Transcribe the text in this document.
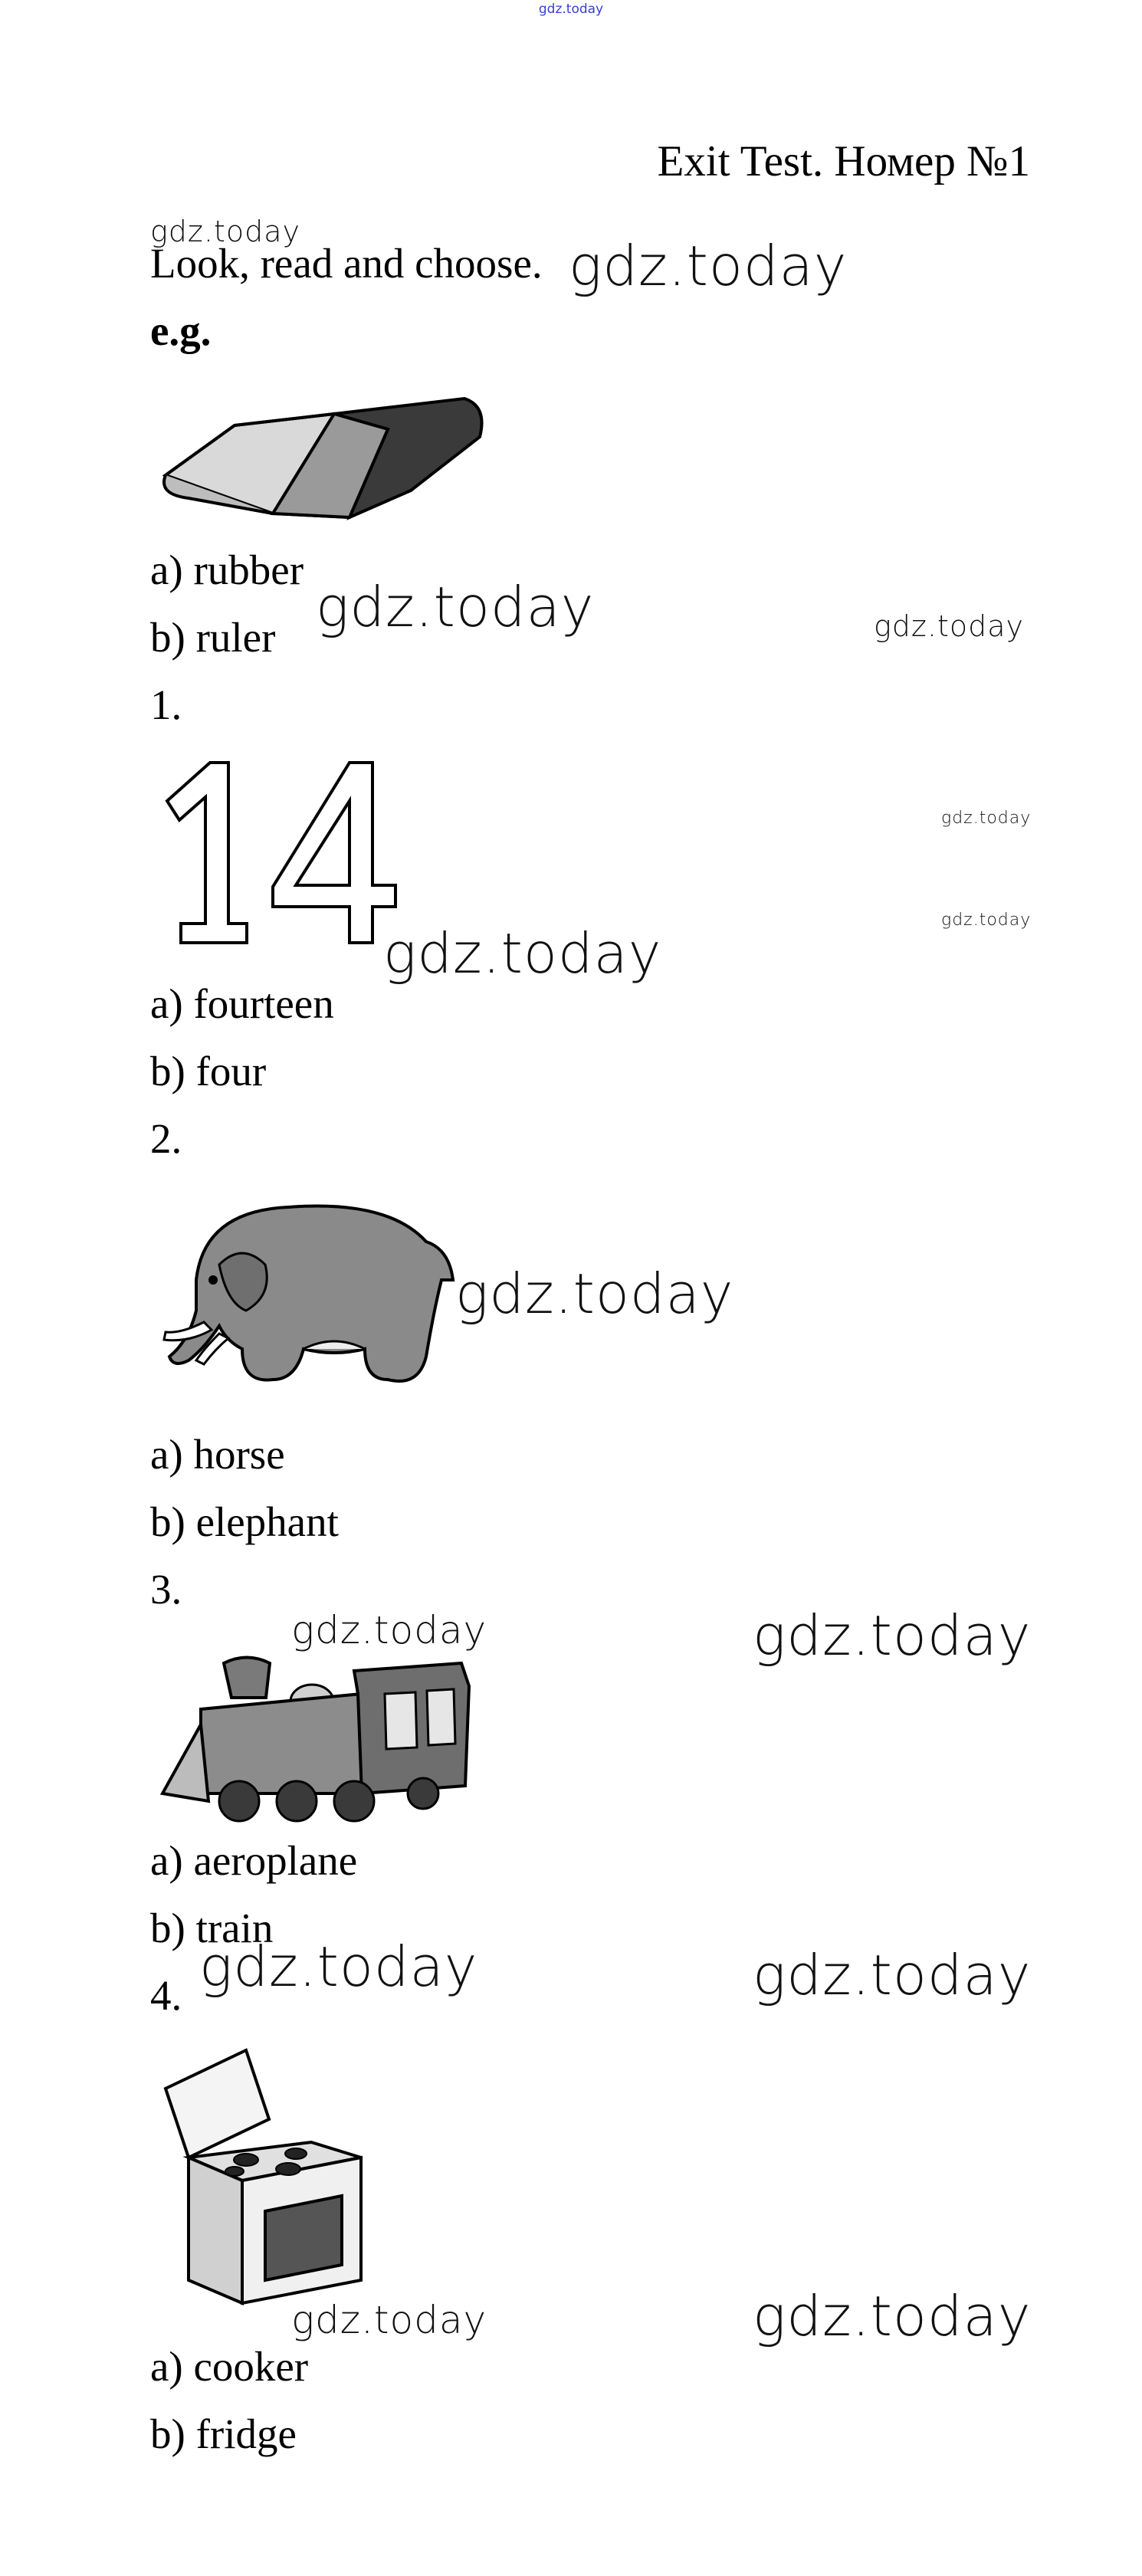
gdz.today
Exit Test. Номер №1
gdz.today
Look, read and choose. gdz.today
e.g.
a) rubber
b) ruler gdz.today	gdz.today
1.
gdz.today
gdz.today
gdz.today
a) fourteen
b) four
2.
gdz.today
a) horse
b) elephant
3.
gdz.today	gdz.today
a) aeroplane
b) train
gdz.today	gdz.today
4.
gdz.today	gdz.today
a) cooker
b) fridge
